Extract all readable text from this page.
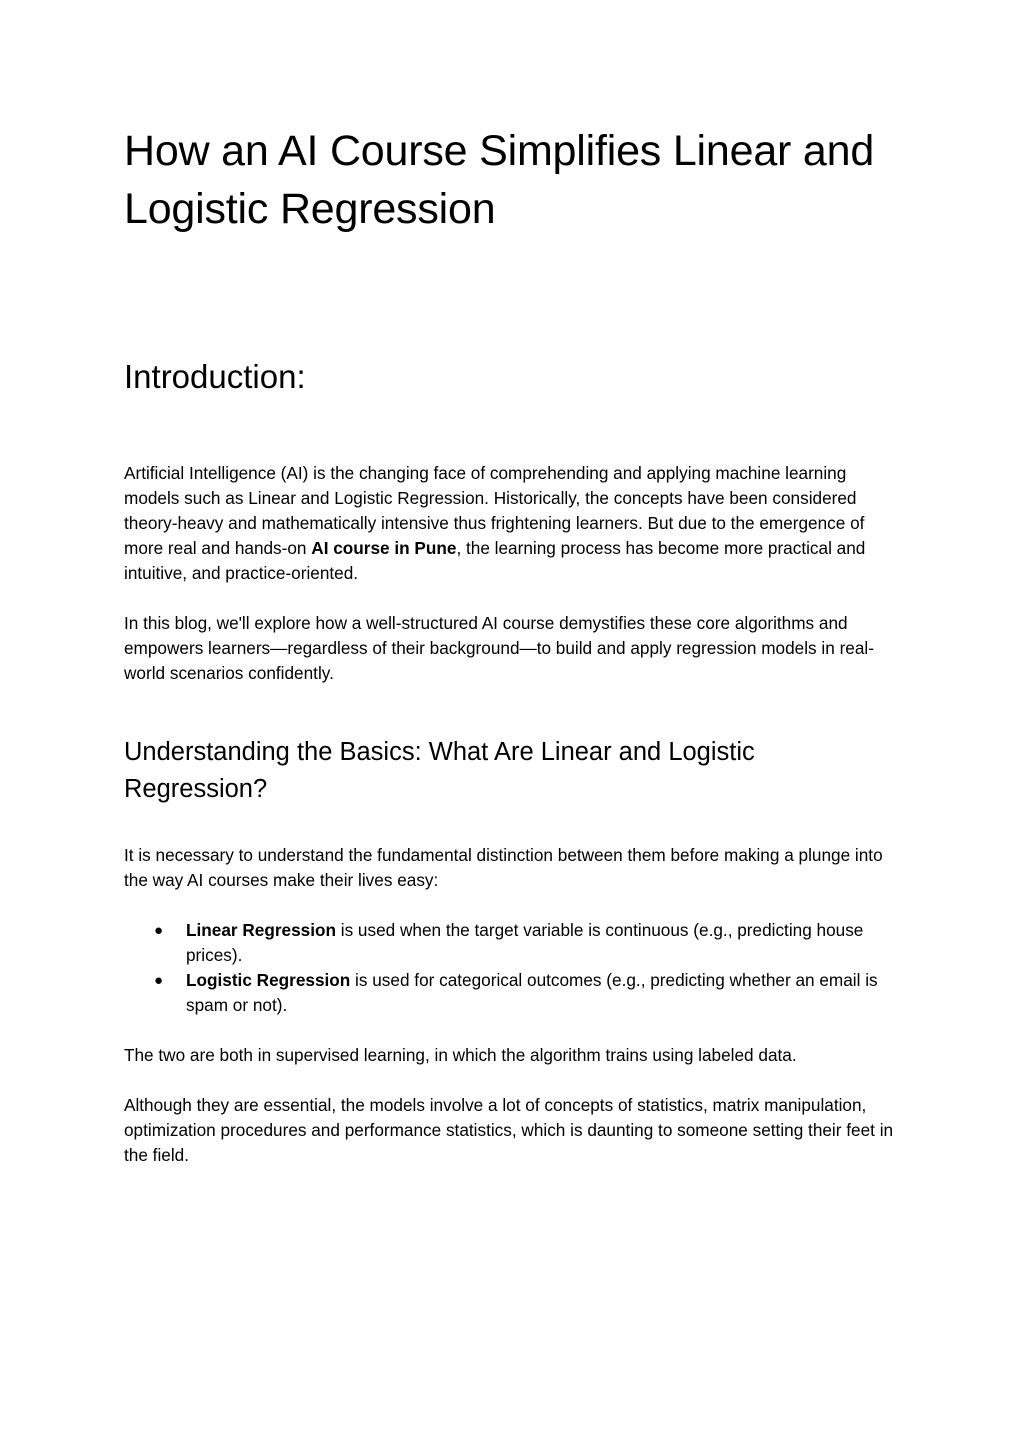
How an AI Course Simplifies Linear and Logistic Regression
Introduction:

Artificial Intelligence (AI) is the changing face of comprehending and applying machine learning models such as Linear and Logistic Regression. Historically, the concepts have been considered theory-heavy and mathematically intensive thus frightening learners. But due to the emergence of more real and hands-on AI course in Pune, the learning process has become more practical and intuitive, and practice-oriented.

In this blog, we'll explore how a well-structured AI course demystifies these core algorithms and empowers learners—regardless of their background—to build and apply regression models in real-world scenarios confidently.

Understanding the Basics: What Are Linear and Logistic Regression?

It is necessary to understand the fundamental distinction between them before making a plunge into the way AI courses make their lives easy:

● Linear Regression is used when the target variable is continuous (e.g., predicting house prices).
● Logistic Regression is used for categorical outcomes (e.g., predicting whether an email is spam or not).

The two are both in supervised learning, in which the algorithm trains using labeled data.

Although they are essential, the models involve a lot of concepts of statistics, matrix manipulation, optimization procedures and performance statistics, which is daunting to someone setting their feet in the field.
